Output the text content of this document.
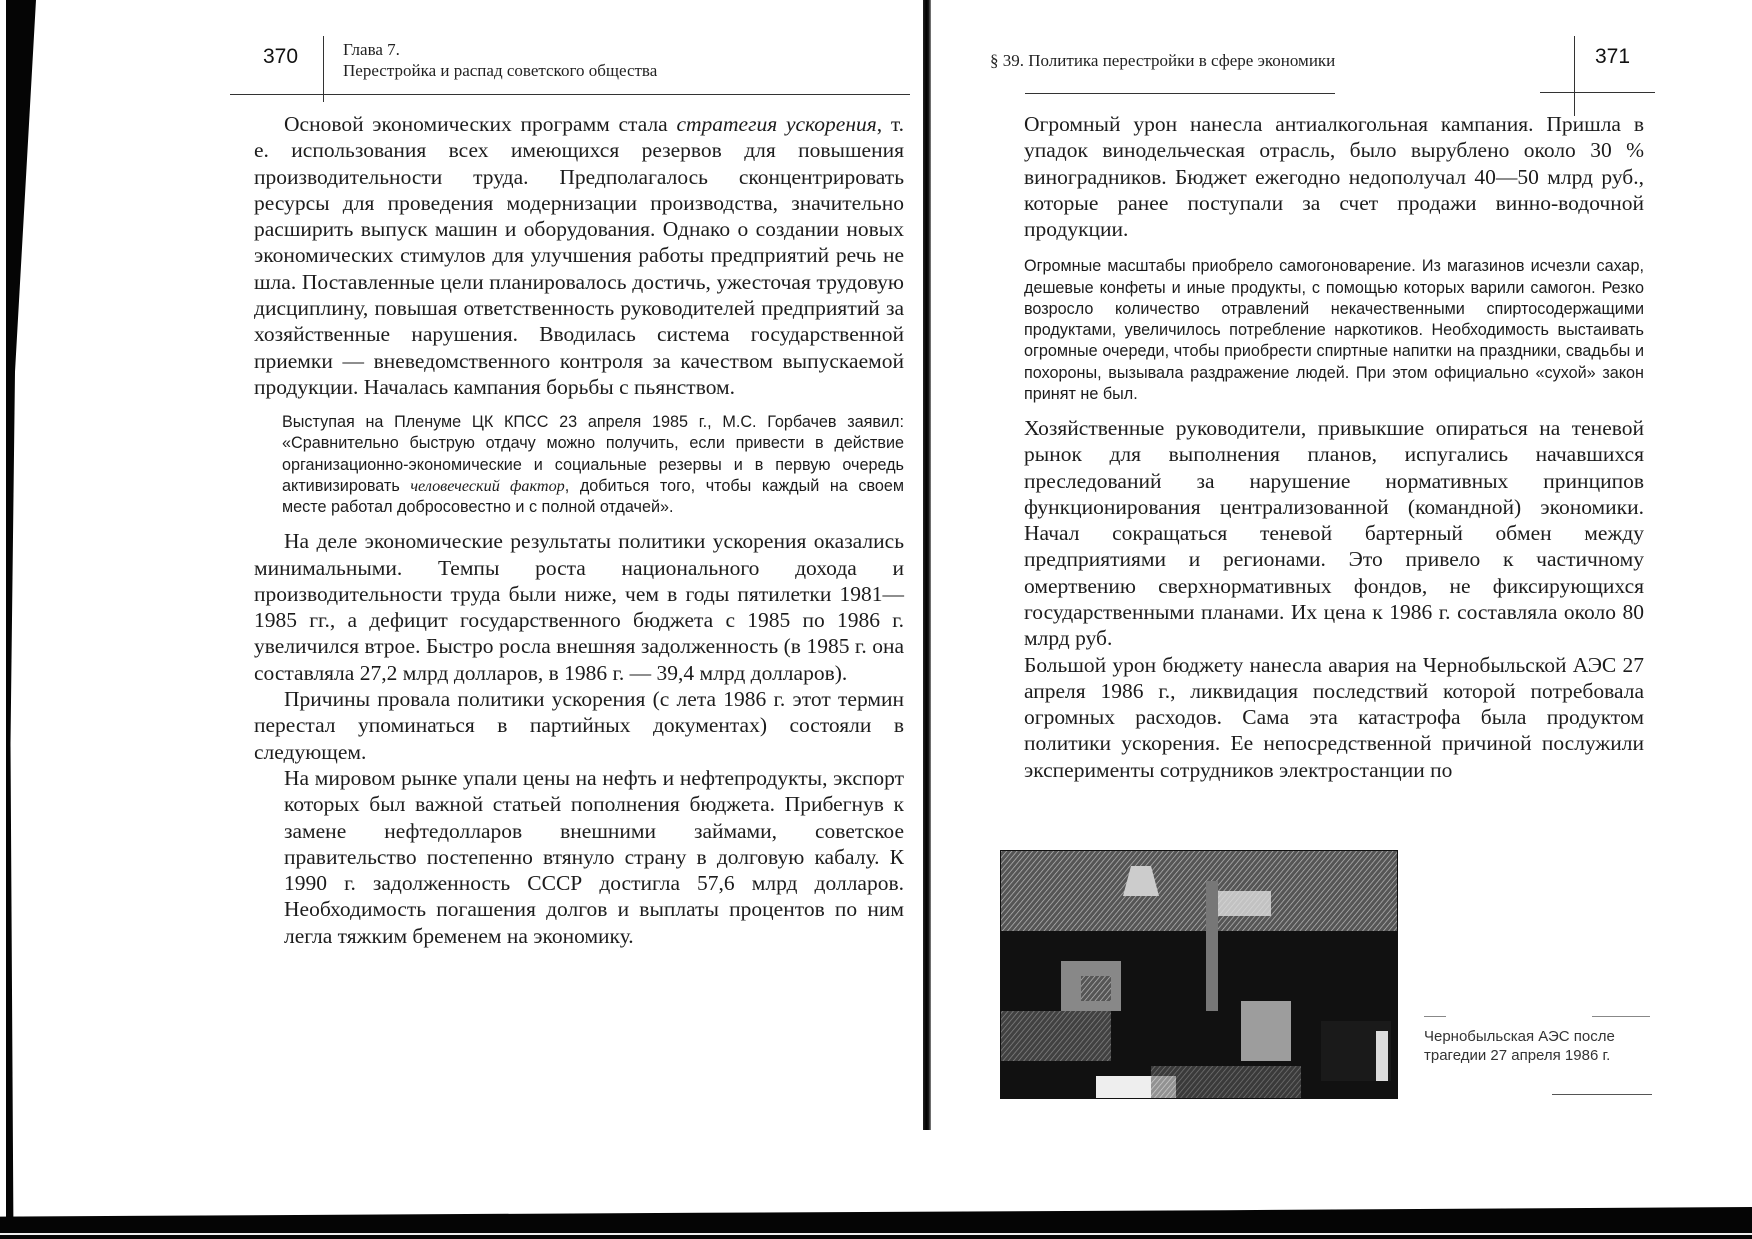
370	Глава 7.
Перестройка и распад советского общества

Основой экономических программ стала стратегия ускорения, т. е. использования всех имеющихся резервов для повышения производительности труда. Предполагалось сконцентрировать ресурсы для проведения модернизации производства, значительно расширить выпуск машин и оборудования. Однако о создании новых экономических стимулов для улучшения работы предприятий речь не шла. Поставленные цели планировалось достичь, ужесточая трудовую дисциплину, повышая ответственность руководителей предприятий за хозяйственные нарушения. Вводилась система государственной приемки — вневедомственного контроля за качеством выпускаемой продукции. Началась кампания борьбы с пьянством.

Выступая на Пленуме ЦК КПСС 23 апреля 1985 г., М.С. Горбачев заявил: «Сравнительно быструю отдачу можно получить, если привести в действие организационно-экономические и социальные резервы и в первую очередь активизировать человеческий фактор, добиться того, чтобы каждый на своем месте работал добросовестно и с полной отдачей».

На деле экономические результаты политики ускорения оказались минимальными. Темпы роста национального дохода и производительности труда были ниже, чем в годы пятилетки 1981—1985 гг., а дефицит государственного бюджета с 1985 по 1986 г. увеличился втрое. Быстро росла внешняя задолженность (в 1985 г. она составляла 27,2 млрд долларов, в 1986 г. — 39,4 млрд долларов).

Причины провала политики ускорения (с лета 1986 г. этот термин перестал упоминаться в партийных документах) состояли в следующем.

На мировом рынке упали цены на нефть и нефтепродукты, экспорт которых был важной статьей пополнения бюджета. Прибегнув к замене нефтедолларов внешними займами, советское правительство постепенно втянуло страну в долговую кабалу. К 1990 г. задолженность СССР достигла 57,6 млрд долларов. Необходимость погашения долгов и выплаты процентов по ним легла тяжким бременем на экономику.

§ 39. Политика перестройки в сфере экономики	371

Огромный урон нанесла антиалкогольная кампания. Пришла в упадок винодельческая отрасль, было вырублено около 30 % виноградников. Бюджет ежегодно недополучал 40—50 млрд руб., которые ранее поступали за счет продажи винно-водочной продукции.

Огромные масштабы приобрело самогоноварение. Из магазинов исчезли сахар, дешевые конфеты и иные продукты, с помощью которых варили самогон. Резко возросло количество отравлений некачественными спиртосодержащими продуктами, увеличилось потребление наркотиков. Необходимость выстаивать огромные очереди, чтобы приобрести спиртные напитки на праздники, свадьбы и похороны, вызывала раздражение людей. При этом официально «сухой» закон принят не был.

Хозяйственные руководители, привыкшие опираться на теневой рынок для выполнения планов, испугались начавшихся преследований за нарушение нормативных принципов функционирования централизованной (командной) экономики. Начал сокращаться теневой бартерный обмен между предприятиями и регионами. Это привело к частичному омертвению сверхнормативных фондов, не фиксирующихся государственными планами. Их цена к 1986 г. составляла около 80 млрд руб.

Большой урон бюджету нанесла авария на Чернобыльской АЭС 27 апреля 1986 г., ликвидация последствий которой потребовала огромных расходов. Сама эта катастрофа была продуктом политики ускорения. Ее непосредственной причиной послужили эксперименты сотрудников электростанции по

Чернобыльская АЭС после трагедии 27 апреля 1986 г.
